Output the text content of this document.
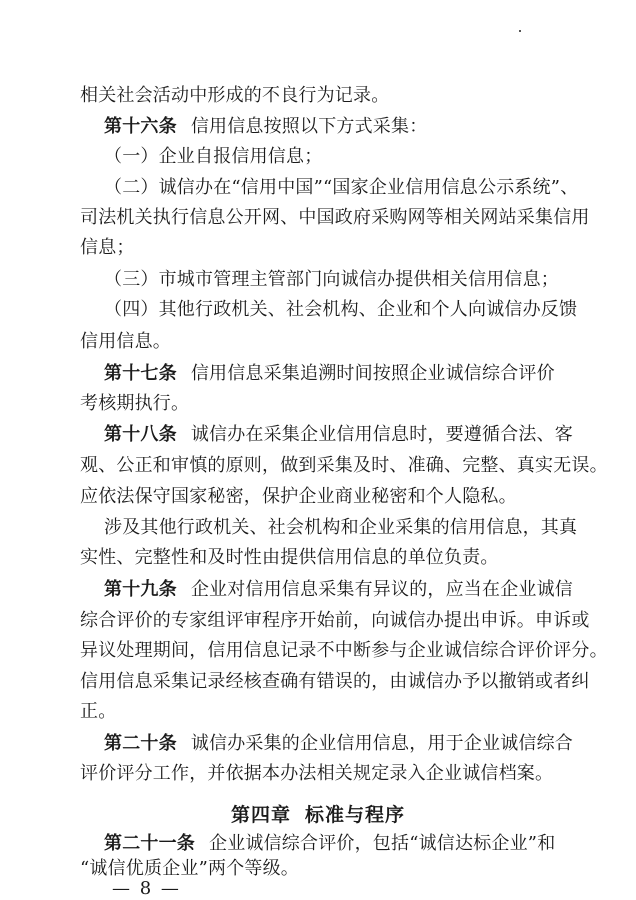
相关社会活动中形成的不良行为记录。
第十六条 信用信息按照以下方式采集：
（一）企业自报信用信息；
（二）诚信办在“信用中国”“国家企业信用信息公示系统”、
司法机关执行信息公开网、中国政府采购网等相关网站采集信用
信息；
（三）市城市管理主管部门向诚信办提供相关信用信息；
（四）其他行政机关、社会机构、企业和个人向诚信办反馈
信用信息。
第十七条 信用信息采集追溯时间按照企业诚信综合评价
考核期执行。
第十八条 诚信办在采集企业信用信息时，要遵循合法、客
观、公正和审慎的原则，做到采集及时、准确、完整、真实无误。
应依法保守国家秘密，保护企业商业秘密和个人隐私。
涉及其他行政机关、社会机构和企业采集的信用信息，其真
实性、完整性和及时性由提供信用信息的单位负责。
第十九条 企业对信用信息采集有异议的，应当在企业诚信
综合评价的专家组评审程序开始前，向诚信办提出申诉。申诉或
异议处理期间，信用信息记录不中断参与企业诚信综合评价评分。
信用信息采集记录经核查确有错误的，由诚信办予以撤销或者纠
正。
第二十条 诚信办采集的企业信用信息，用于企业诚信综合
评价评分工作，并依据本办法相关规定录入企业诚信档案。
第四章 标准与程序
第二十一条 企业诚信综合评价，包括“诚信达标企业”和
“诚信优质企业”两个等级。
— 8 —
